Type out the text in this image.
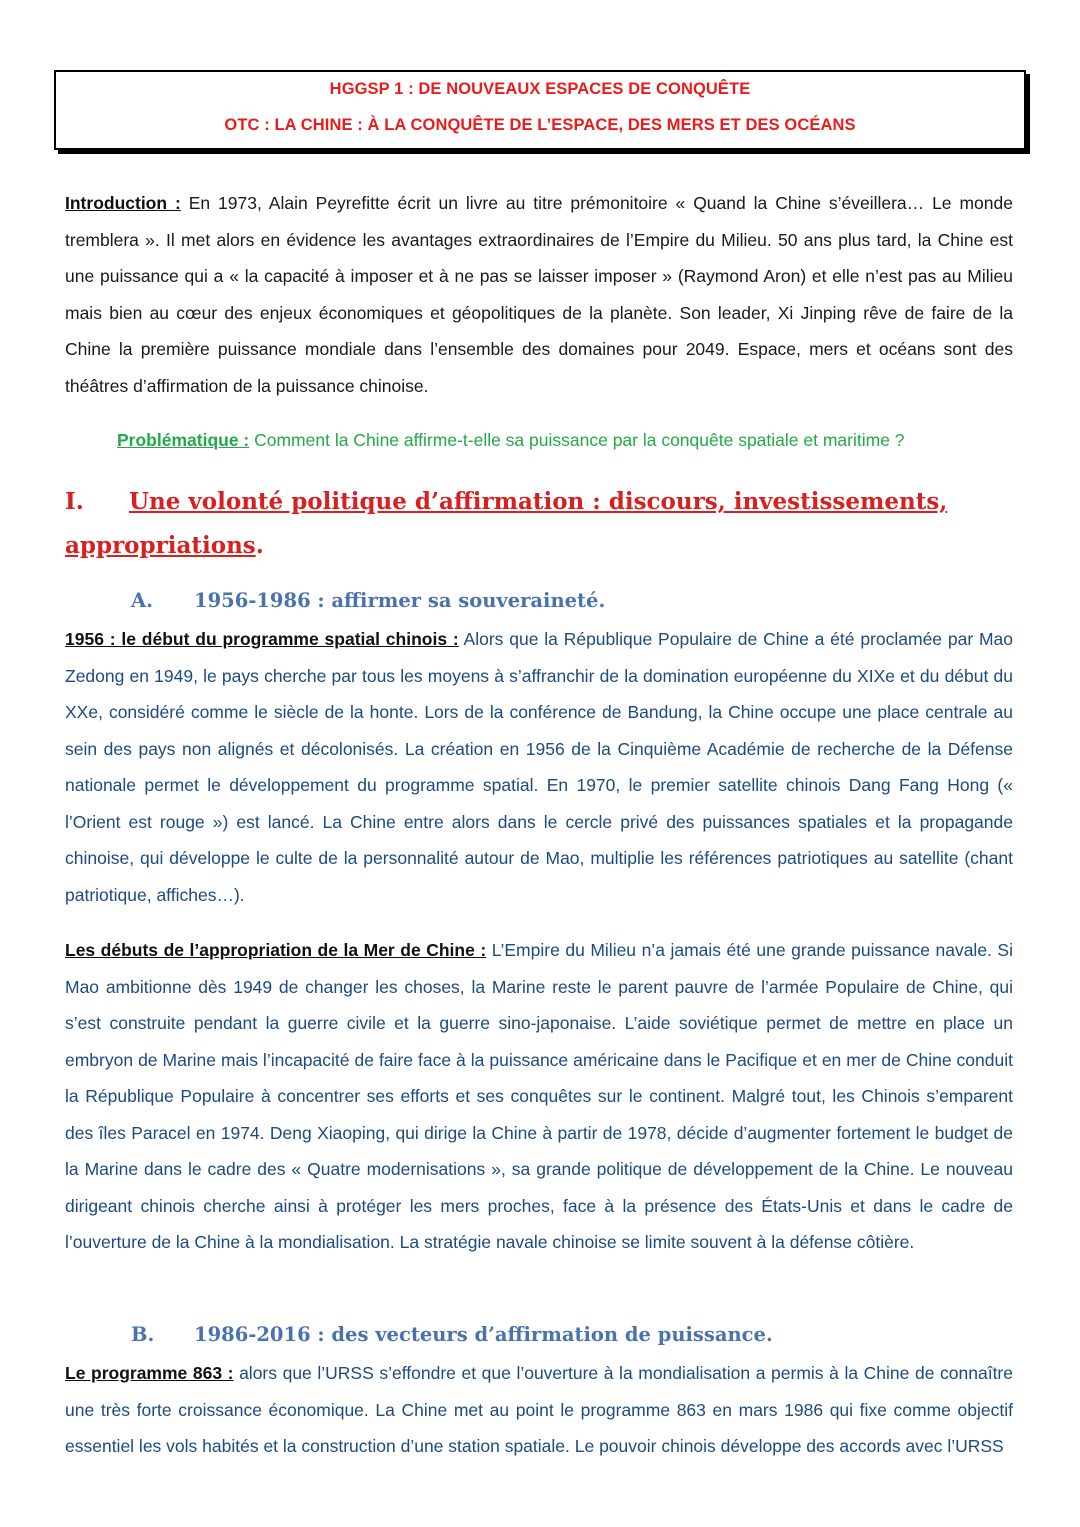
HGGSP 1 : DE NOUVEAUX ESPACES DE CONQUÊTE
OTC : LA CHINE : À LA CONQUÊTE DE L’ESPACE, DES MERS ET DES OCÉANS

Introduction : En 1973, Alain Peyrefitte écrit un livre au titre prémonitoire « Quand la Chine s’éveillera… Le monde tremblera ». Il met alors en évidence les avantages extraordinaires de l’Empire du Milieu. 50 ans plus tard, la Chine est une puissance qui a « la capacité à imposer et à ne pas se laisser imposer » (Raymond Aron) et elle n’est pas au Milieu mais bien au cœur des enjeux économiques et géopolitiques de la planète. Son leader, Xi Jinping rêve de faire de la Chine la première puissance mondiale dans l’ensemble des domaines pour 2049. Espace, mers et océans sont des théâtres d’affirmation de la puissance chinoise.

Problématique : Comment la Chine affirme-t-elle sa puissance par la conquête spatiale et maritime ?

I. Une volonté politique d’affirmation : discours, investissements, appropriations.
A. 1956-1986 : affirmer sa souveraineté.

1956 : le début du programme spatial chinois : Alors que la République Populaire de Chine a été proclamée par Mao Zedong en 1949, le pays cherche par tous les moyens à s’affranchir de la domination européenne du XIXe et du début du XXe, considéré comme le siècle de la honte. Lors de la conférence de Bandung, la Chine occupe une place centrale au sein des pays non alignés et décolonisés. La création en 1956 de la Cinquième Académie de recherche de la Défense nationale permet le développement du programme spatial. En 1970, le premier satellite chinois Dang Fang Hong (« l’Orient est rouge ») est lancé. La Chine entre alors dans le cercle privé des puissances spatiales et la propagande chinoise, qui développe le culte de la personnalité autour de Mao, multiplie les références patriotiques au satellite (chant patriotique, affiches…).

Les débuts de l’appropriation de la Mer de Chine : L’Empire du Milieu n’a jamais été une grande puissance navale. Si Mao ambitionne dès 1949 de changer les choses, la Marine reste le parent pauvre de l’armée Populaire de Chine, qui s’est construite pendant la guerre civile et la guerre sino-japonaise. L’aide soviétique permet de mettre en place un embryon de Marine mais l’incapacité de faire face à la puissance américaine dans le Pacifique et en mer de Chine conduit la République Populaire à concentrer ses efforts et ses conquêtes sur le continent. Malgré tout, les Chinois s’emparent des îles Paracel en 1974. Deng Xiaoping, qui dirige la Chine à partir de 1978, décide d’augmenter fortement le budget de la Marine dans le cadre des « Quatre modernisations », sa grande politique de développement de la Chine. Le nouveau dirigeant chinois cherche ainsi à protéger les mers proches, face à la présence des États-Unis et dans le cadre de l’ouverture de la Chine à la mondialisation. La stratégie navale chinoise se limite souvent à la défense côtière.

B. 1986-2016 : des vecteurs d’affirmation de puissance.

Le programme 863 : alors que l’URSS s’effondre et que l’ouverture à la mondialisation a permis à la Chine de connaître une très forte croissance économique. La Chine met au point le programme 863 en mars 1986 qui fixe comme objectif essentiel les vols habités et la construction d’une station spatiale. Le pouvoir chinois développe des accords avec l’URSS
